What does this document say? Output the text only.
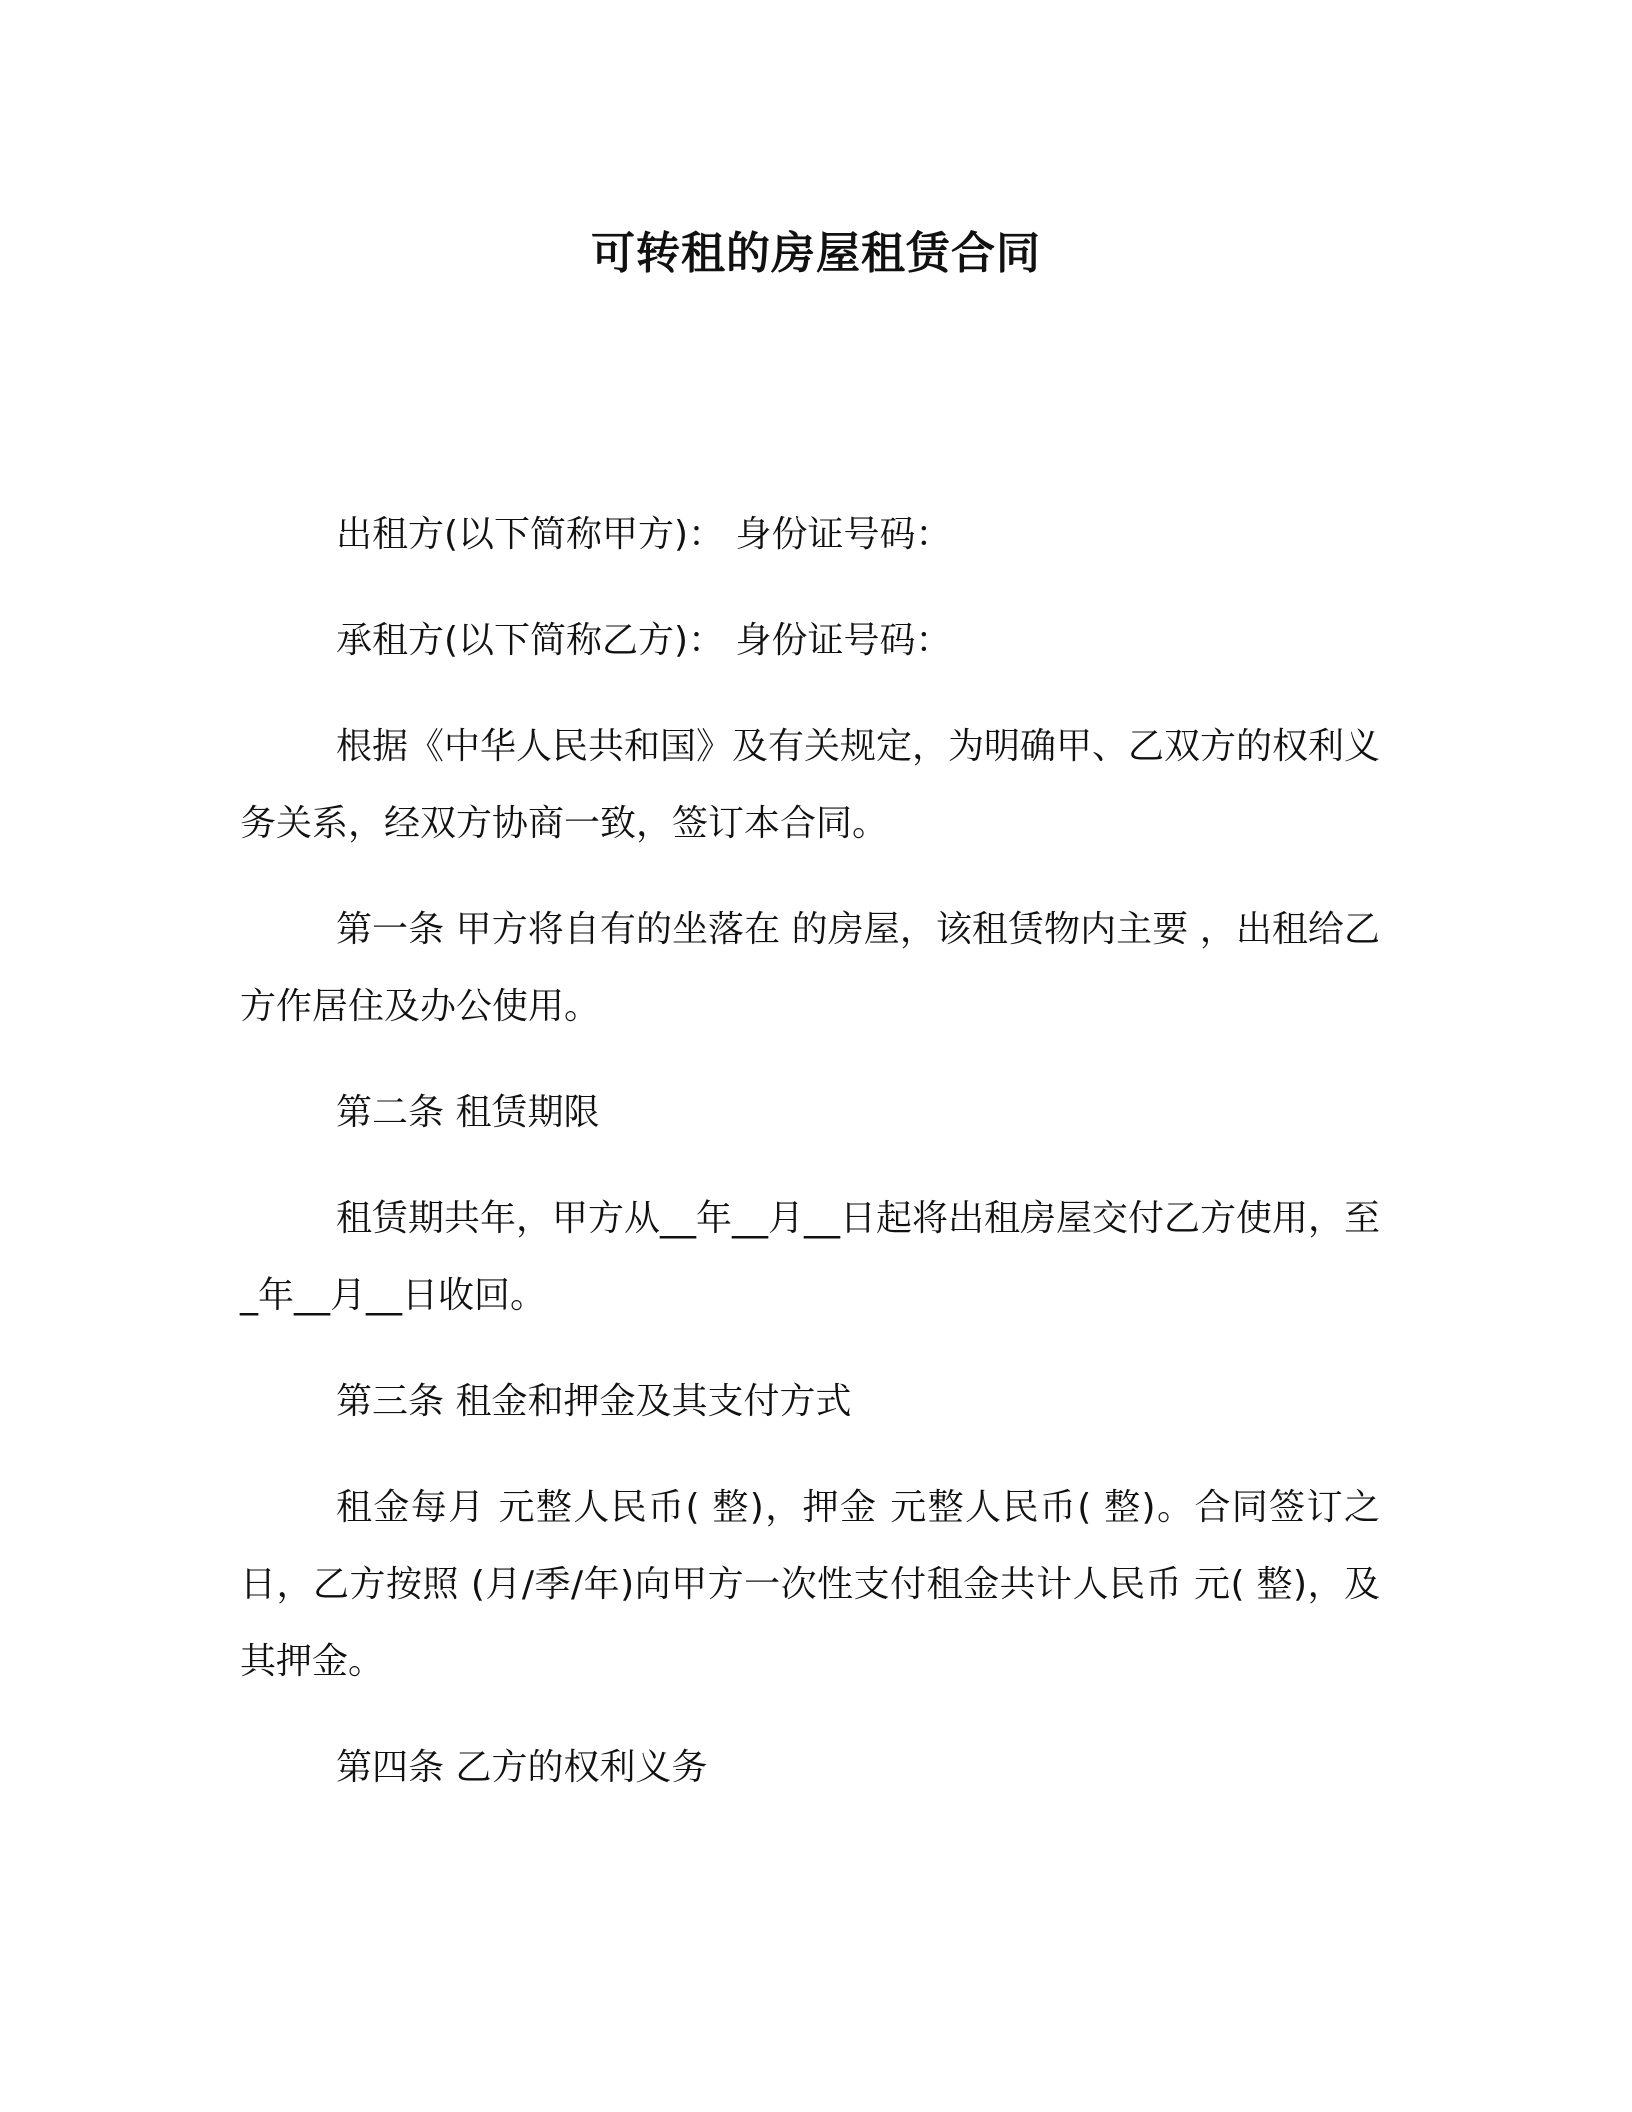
可转租的房屋租赁合同

出租方(以下简称甲方)： 身份证号码：

承租方(以下简称乙方)： 身份证号码：

根据《中华人民共和国》及有关规定，为明确甲、乙双方的权利义务关系，经双方协商一致，签订本合同。

第一条 甲方将自有的坐落在 的房屋，该租赁物内主要 ，出租给乙方作居住及办公使用。

第二条 租赁期限

租赁期共年，甲方从__年__月__日起将出租房屋交付乙方使用，至_年__月__日收回。

第三条 租金和押金及其支付方式

租金每月 元整人民币( 整)，押金 元整人民币( 整)。合同签订之日，乙方按照 (月/季/年)向甲方一次性支付租金共计人民币 元( 整)，及其押金。

第四条 乙方的权利义务
